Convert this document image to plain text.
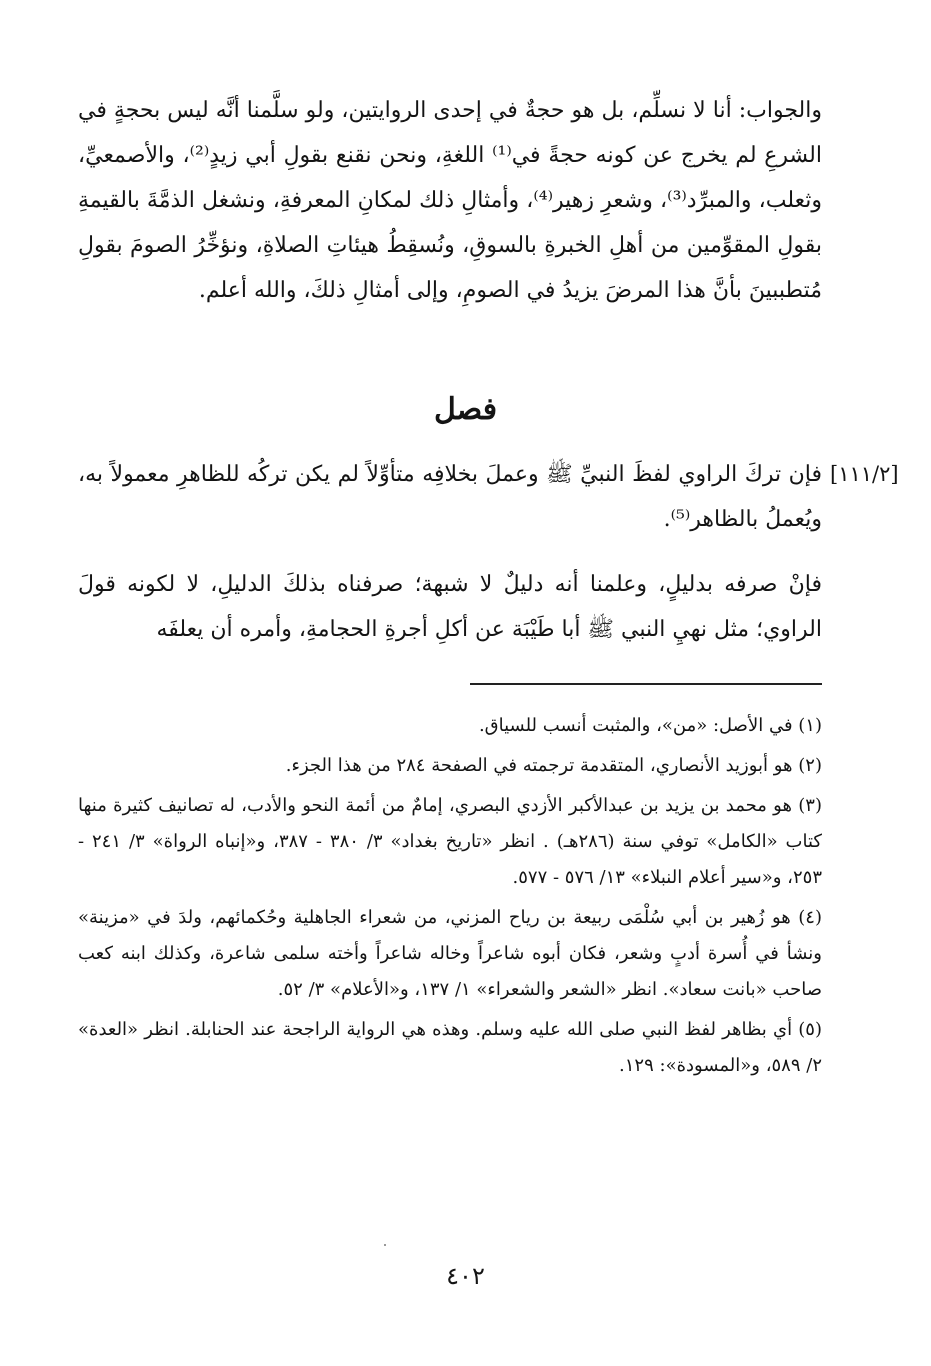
والجواب: أنا لا نسلِّم، بل هو حجةٌ في إحدى الروايتين، ولو سلَّمنا أنَّه ليس بحجةٍ في الشرعِ لم يخرج عن كونه حجةً في⁽¹⁾ اللغةِ، ونحن نقنع بقولِ أبي زيدٍ⁽²⁾، والأصمعيِّ، وثعلب، والمبرِّد⁽³⁾، وشعرِ زهير⁽⁴⁾، وأمثالِ ذلك لمكانِ المعرفةِ، ونشغل الذمَّةَ بالقيمةِ بقولِ المقوِّمين من أهلِ الخبرةِ بالسوقِ، ونُسقِطُ هيئاتِ الصلاةِ، ونؤخِّرُ الصومَ بقولِ مُتطببينَ بأنَّ هذا المرضَ يزيدُ في الصومِ، وإلى أمثالِ ذلكَ، والله أعلم.

فصل
[١١١/٢]

فإن تركَ الراوي لفظَ النبيِّ ﷺ وعملَ بخلافِه متأوِّلاً لم يكن تركُه للظاهرِ معمولاً به، ويُعملُ بالظاهر⁽⁵⁾.

فإنْ صرفه بدليلٍ، وعلمنا أنه دليلٌ لا شبهة؛ صرفناه بذلكَ الدليلِ، لا لكونه قولَ الراوي؛ مثل نهيِ النبي ﷺ أبا طَيْبَة عن أكلِ أجرةِ الحجامةِ، وأمره أن يعلفَه

(١) في الأصل: «من»، والمثبت أنسب للسياق.
(٢) هو أبوزيد الأنصاري، المتقدمة ترجمته في الصفحة ٢٨٤ من هذا الجزء.
(٣) هو محمد بن يزيد بن عبدالأكبر الأزدي البصري، إمامٌ من أئمة النحو والأدب، له تصانيف كثيرة منها كتاب «الكامل» توفي سنة (٢٨٦هـ) . انظر «تاريخ بغداد» ٣/ ٣٨٠ - ٣٨٧، و«إنباه الرواة» ٣/ ٢٤١ - ٢٥٣، و«سير أعلام النبلاء» ١٣/ ٥٧٦ - ٥٧٧.
(٤) هو زُهير بن أبي سُلْمَى ربيعة بن رياح المزني، من شعراء الجاهلية وحُكمائهم، ولدَ في «مزينة» ونشأ في أُسرة أدبٍ وشعر، فكان أبوه شاعراً وخاله شاعراً وأخته سلمى شاعرة، وكذلك ابنه كعب صاحب «بانت سعاد». انظر «الشعر والشعراء» ١/ ١٣٧، و«الأعلام» ٣/ ٥٢.
(٥) أي بظاهر لفظ النبي صلى الله عليه وسلم. وهذه هي الرواية الراجحة عند الحنابلة. انظر «العدة» ٢/ ٥٨٩، و«المسودة»: ١٢٩.
٤٠٢
